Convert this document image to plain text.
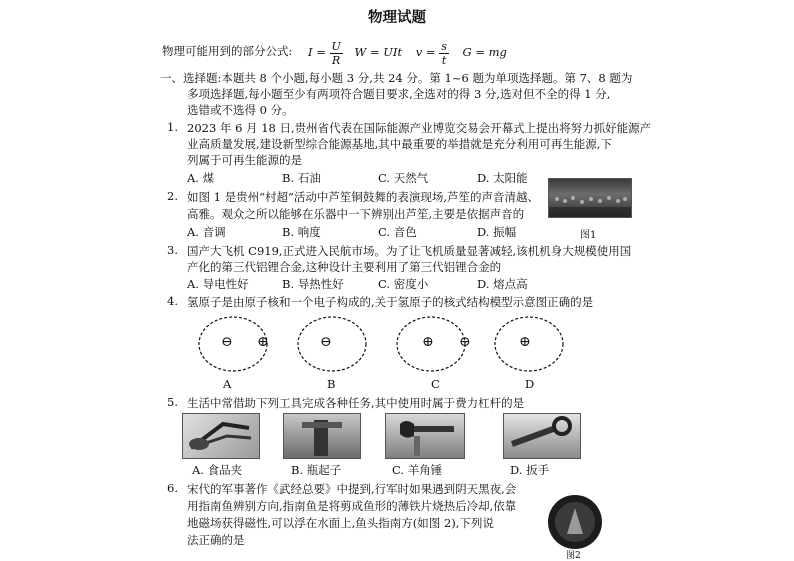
物理试题
物理可能用到的部分公式: $I = \frac{U}{R}$ W = UIt $v = \frac{s}{t}$ G = mg
一、选择题:本题共 8 个小题,每小题 3 分,共 24 分。第 1~6 题为单项选择题。第 7、8 题为
多项选择题,每小题至少有两项符合题目要求,全选对的得 3 分,选对但不全的得 1 分,
选错或不选得 0 分。
1. 2023 年 6 月 18 日,贵州省代表在国际能源产业博览交易会开幕式上提出将努力抓好能源产
业高质量发展,建设新型综合能源基地,其中最重要的举措就是充分利用可再生能源,下
列属于可再生能源的是
A. 煤	B. 石油	C. 天然气	D. 太阳能
2. 如图 1 是贵州“村超”活动中芦笙铜鼓舞的表演现场,芦笙的声音清越、
高雅。观众之所以能够在乐器中一下辨别出芦笙,主要是依据声音的
A. 音调	B. 响度	C. 音色	D. 振幅	图1
3. 国产大飞机 C919,正式进入民航市场。为了让飞机质量显著减轻,该机机身大规模使用国
产化的第三代铝锂合金,这种设计主要利用了第三代铝锂合金的
A. 导电性好	B. 导热性好	C. 密度小	D. 熔点高
4. 氢原子是由原子核和一个电子构成的,关于氢原子的核式结构模型示意图正确的是
⊖ ⊕
A
⊖
B
⊕ ⊖
C
⊕
D
5. 生活中常借助下列工具完成各种任务,其中使用时属于费力杠杆的是
A. 食品夹	B. 瓶起子	C. 羊角锤	D. 扳手
6. 宋代的军事著作《武经总要》中提到,行军时如果遇到阴天黑夜,会
用指南鱼辨别方向,指南鱼是将剪成鱼形的薄铁片烧热后冷却,依靠
地磁场获得磁性,可以浮在水面上,鱼头指南方(如图 2),下列说
法正确的是
图2
